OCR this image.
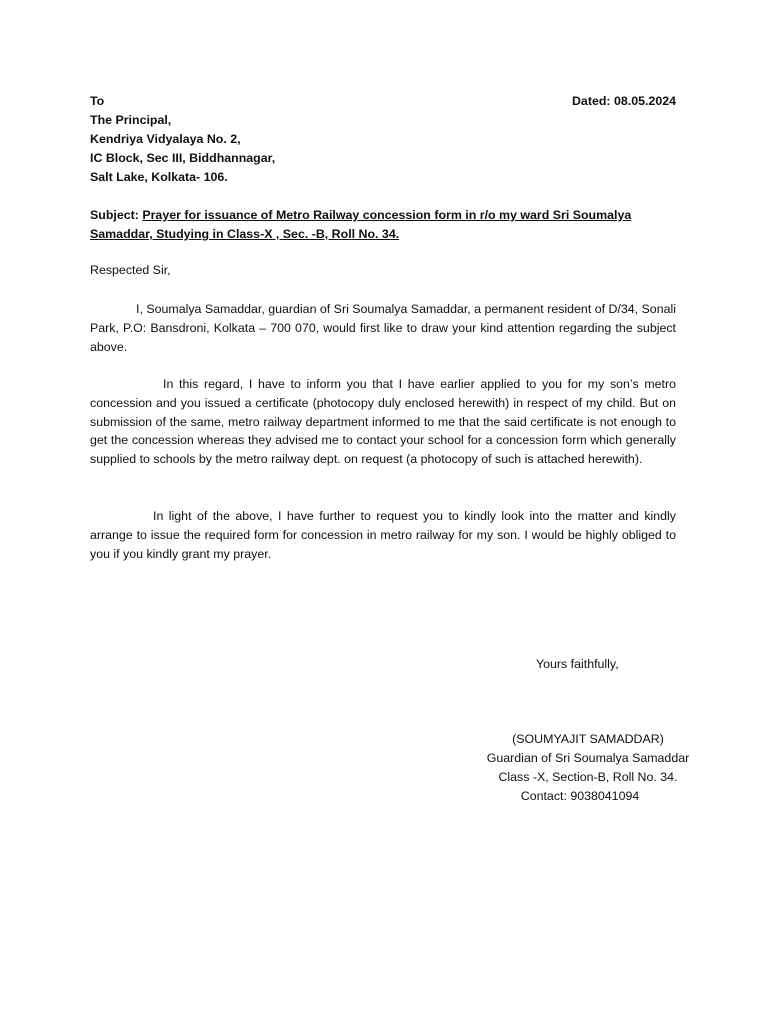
To	Dated: 08.05.2024
The Principal,
Kendriya Vidyalaya No. 2,
IC Block, Sec III, Biddhannagar,
Salt Lake, Kolkata- 106.
Subject: Prayer for issuance of Metro Railway concession form in r/o my ward Sri Soumalya Samaddar, Studying in Class-X , Sec. -B, Roll No. 34.
Respected Sir,
I, Soumalya Samaddar, guardian of Sri Soumalya Samaddar, a permanent resident of D/34, Sonali Park, P.O: Bansdroni, Kolkata – 700 070, would first like to draw your kind attention regarding the subject above.
In this regard, I have to inform you that I have earlier applied to you for my son’s metro concession and you issued a certificate (photocopy duly enclosed herewith) in respect of my child. But on submission of the same, metro railway department informed to me that the said certificate is not enough to get the concession whereas they advised me to contact your school for a concession form which generally supplied to schools by the metro railway dept. on request (a photocopy of such is attached herewith).
In light of the above, I have further to request you to kindly look into the matter and kindly arrange to issue the required form for concession in metro railway for my son. I would be highly obliged to you if you kindly grant my prayer.
Yours faithfully,
(SOUMYAJIT SAMADDAR)
Guardian of Sri Soumalya Samaddar
Class -X, Section-B, Roll No. 34.
Contact: 9038041094
